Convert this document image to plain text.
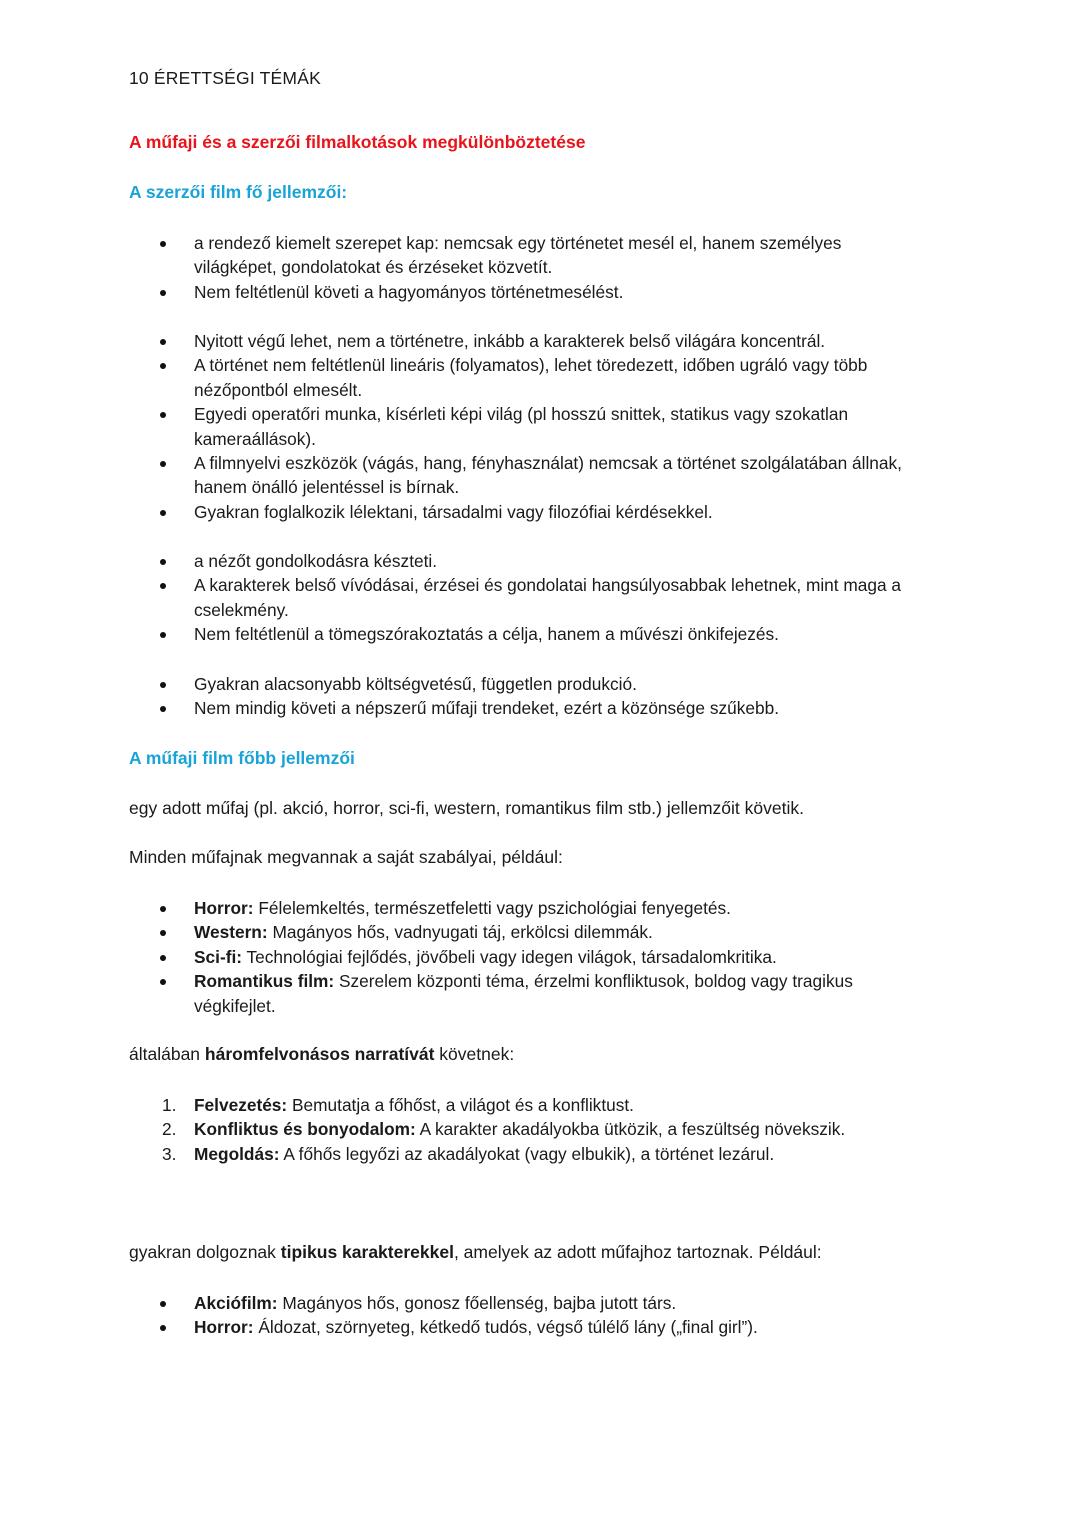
10 ÉRETTSÉGI TÉMÁK
A műfaji és a szerzői filmalkotások megkülönböztetése
A szerzői film fő jellemzői:
a rendező kiemelt szerepet kap: nemcsak egy történetet mesél el, hanem személyes
világképet, gondolatokat és érzéseket közvetít.
Nem feltétlenül követi a hagyományos történetmesélést.
Nyitott végű lehet, nem a történetre, inkább a karakterek belső világára koncentrál.
A történet nem feltétlenül lineáris (folyamatos), lehet töredezett, időben ugráló vagy több
nézőpontból elmesélt.
Egyedi operatőri munka, kísérleti képi világ (pl hosszú snittek, statikus vagy szokatlan
kameraállások).
A filmnyelvi eszközök (vágás, hang, fényhasználat) nemcsak a történet szolgálatában állnak,
hanem önálló jelentéssel is bírnak.
Gyakran foglalkozik lélektani, társadalmi vagy filozófiai kérdésekkel.
a nézőt gondolkodásra készteti.
A karakterek belső vívódásai, érzései és gondolatai hangsúlyosabbak lehetnek, mint maga a
cselekmény.
Nem feltétlenül a tömegszórakoztatás a célja, hanem a művészi önkifejezés.
Gyakran alacsonyabb költségvetésű, független produkció.
Nem mindig követi a népszerű műfaji trendeket, ezért a közönsége szűkebb.
A műfaji film főbb jellemzői
egy adott műfaj (pl. akció, horror, sci-fi, western, romantikus film stb.) jellemzőit követik.
Minden műfajnak megvannak a saját szabályai, például:
Horror: Félelemkeltés, természetfeletti vagy pszichológiai fenyegetés.
Western: Magányos hős, vadnyugati táj, erkölcsi dilemmák.
Sci-fi: Technológiai fejlődés, jövőbeli vagy idegen világok, társadalomkritika.
Romantikus film: Szerelem központi téma, érzelmi konfliktusok, boldog vagy tragikus
végkifejlet.
általában háromfelvonásos narratívát követnek:
1. Felvezetés: Bemutatja a főhőst, a világot és a konfliktust.
2. Konfliktus és bonyodalom: A karakter akadályokba ütközik, a feszültség növekszik.
3. Megoldás: A főhős legyőzi az akadályokat (vagy elbukik), a történet lezárul.
gyakran dolgoznak tipikus karakterekkel, amelyek az adott műfajhoz tartoznak. Például:
Akciófilm: Magányos hős, gonosz főellenség, bajba jutott társ.
Horror: Áldozat, szörnyeteg, kétkedő tudós, végső túlélő lány („final girl”).
